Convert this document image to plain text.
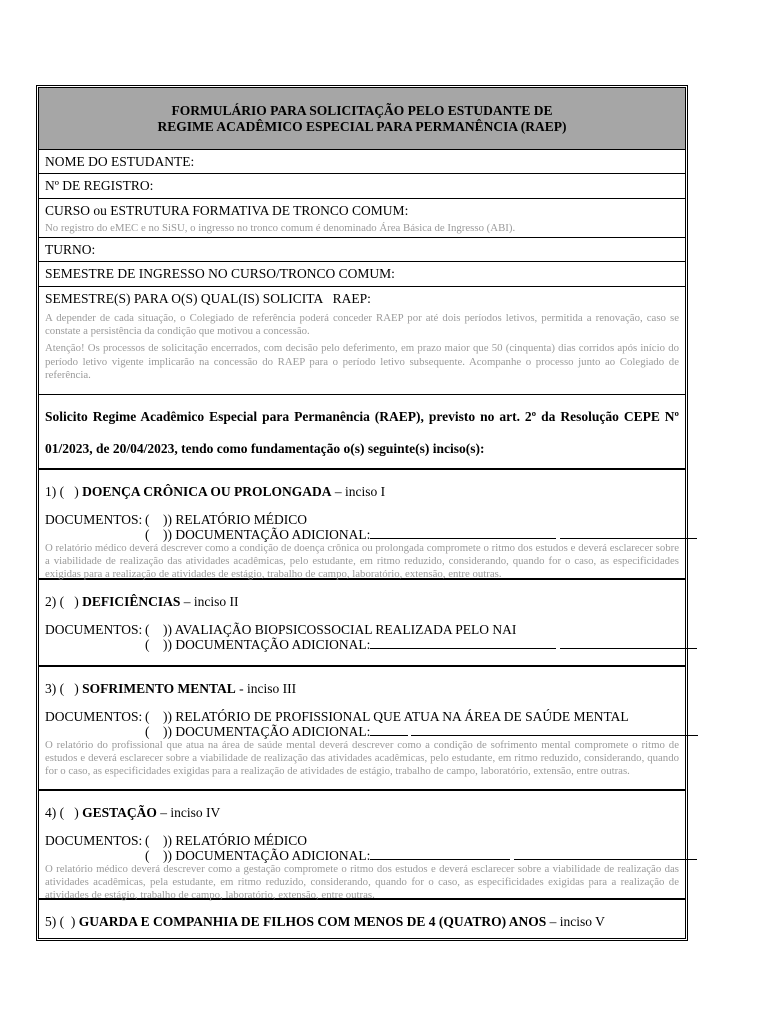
FORMULÁRIO PARA SOLICITAÇÃO PELO ESTUDANTE DE
REGIME ACADÊMICO ESPECIAL PARA PERMANÊNCIA (RAEP)
NOME DO ESTUDANTE:
Nº DE REGISTRO:
CURSO ou ESTRUTURA FORMATIVA DE TRONCO COMUM:
No registro do eMEC e no SiSU, o ingresso no tronco comum é denominado Área Básica de Ingresso (ABI).
TURNO:
SEMESTRE DE INGRESSO NO CURSO/TRONCO COMUM:
SEMESTRE(S) PARA O(S) QUAL(IS) SOLICITA   RAEP:
A depender de cada situação, o Colegiado de referência poderá conceder RAEP por até dois períodos letivos, permitida a renovação, caso se constate a persistência da condição que motivou a concessão.
Atenção! Os processos de solicitação encerrados, com decisão pelo deferimento, em prazo maior que 50 (cinquenta) dias corridos após início do período letivo vigente implicarão na concessão do RAEP para o período letivo subsequente. Acompanhe o processo junto ao Colegiado de referência.
Solicito Regime Acadêmico Especial para Permanência (RAEP), previsto no art. 2º da Resolução CEPE Nº 01/2023, de 20/04/2023, tendo como fundamentação o(s) seguinte(s) inciso(s):
1) (   ) DOENÇA CRÔNICA OU PROLONGADA – inciso I
DOCUMENTOS: (    )) RELATÓRIO MÉDICO
(    )) DOCUMENTAÇÃO ADICIONAL:
O relatório médico deverá descrever como a condição de doença crônica ou prolongada compromete o ritmo dos estudos e deverá esclarecer sobre a viabilidade de realização das atividades acadêmicas, pelo estudante, em ritmo reduzido, considerando, quando for o caso, as especificidades exigidas para a realização de atividades de estágio, trabalho de campo, laboratório, extensão, entre outras.
2) (   ) DEFICIÊNCIAS – inciso II
DOCUMENTOS: (    )) AVALIAÇÃO BIOPSICOSSOCIAL REALIZADA PELO NAI
(    )) DOCUMENTAÇÃO ADICIONAL:
3) (   ) SOFRIMENTO MENTAL - inciso III
DOCUMENTOS: (    )) RELATÓRIO DE PROFISSIONAL QUE ATUA NA ÁREA DE SAÚDE MENTAL
(    )) DOCUMENTAÇÃO ADICIONAL:
O relatório do profissional que atua na área de saúde mental deverá descrever como a condição de sofrimento mental compromete o ritmo de estudos e deverá esclarecer sobre a viabilidade de realização das atividades acadêmicas, pelo estudante, em ritmo reduzido, considerando, quando for o caso, as especificidades exigidas para a realização de atividades de estágio, trabalho de campo, laboratório, extensão, entre outras.
4) (   ) GESTAÇÃO – inciso IV
DOCUMENTOS: (    )) RELATÓRIO MÉDICO
(    )) DOCUMENTAÇÃO ADICIONAL:
O relatório médico deverá descrever como a gestação compromete o ritmo dos estudos e deverá esclarecer sobre a viabilidade de realização das atividades acadêmicas, pela estudante, em ritmo reduzido, considerando, quando for o caso, as especificidades exigidas para a realização de atividades de estágio, trabalho de campo, laboratório, extensão, entre outras.
5) (  ) GUARDA E COMPANHIA DE FILHOS COM MENOS DE 4 (QUATRO) ANOS – inciso V
